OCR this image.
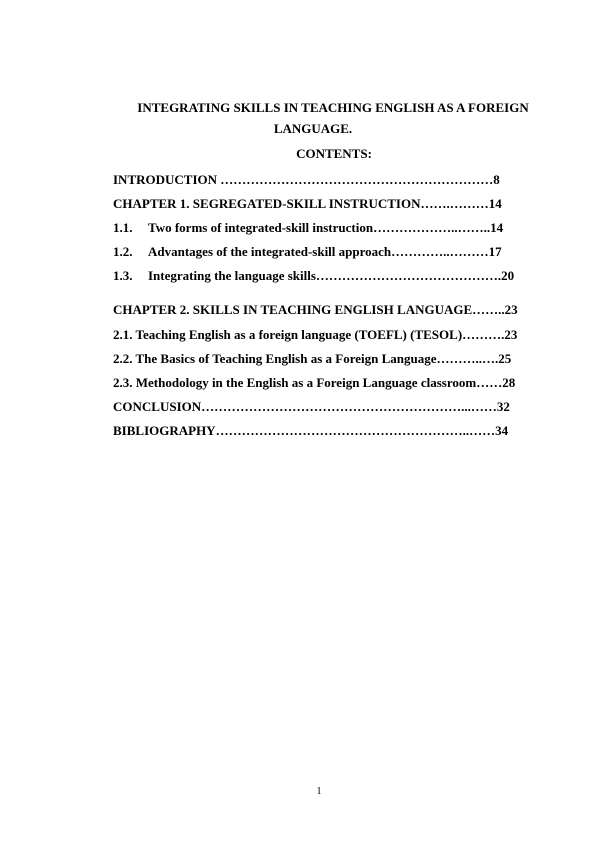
INTEGRATING SKILLS IN TEACHING ENGLISH AS A FOREIGN
LANGUAGE.
CONTENTS:
INTRODUCTION ………………………………………………………8
CHAPTER 1. SEGREGATED-SKILL INSTRUCTION…….………14
1.1. Two forms of integrated-skill instruction………………..……..14
1.2. Advantages of the integrated-skill approach…………..………17
1.3. Integrating the language skills…………………………………….20
CHAPTER 2. SKILLS IN TEACHING ENGLISH LANGUAGE……..23
2.1. Teaching English as a foreign language (TOEFL) (TESOL)……….23
2.2. The Basics of Teaching English as a Foreign Language………..….25
2.3. Methodology in the English as a Foreign Language classroom……28
CONCLUSION……………………………………………………...……32
BIBLIOGRAPHY…………………………………………………..……34
1
